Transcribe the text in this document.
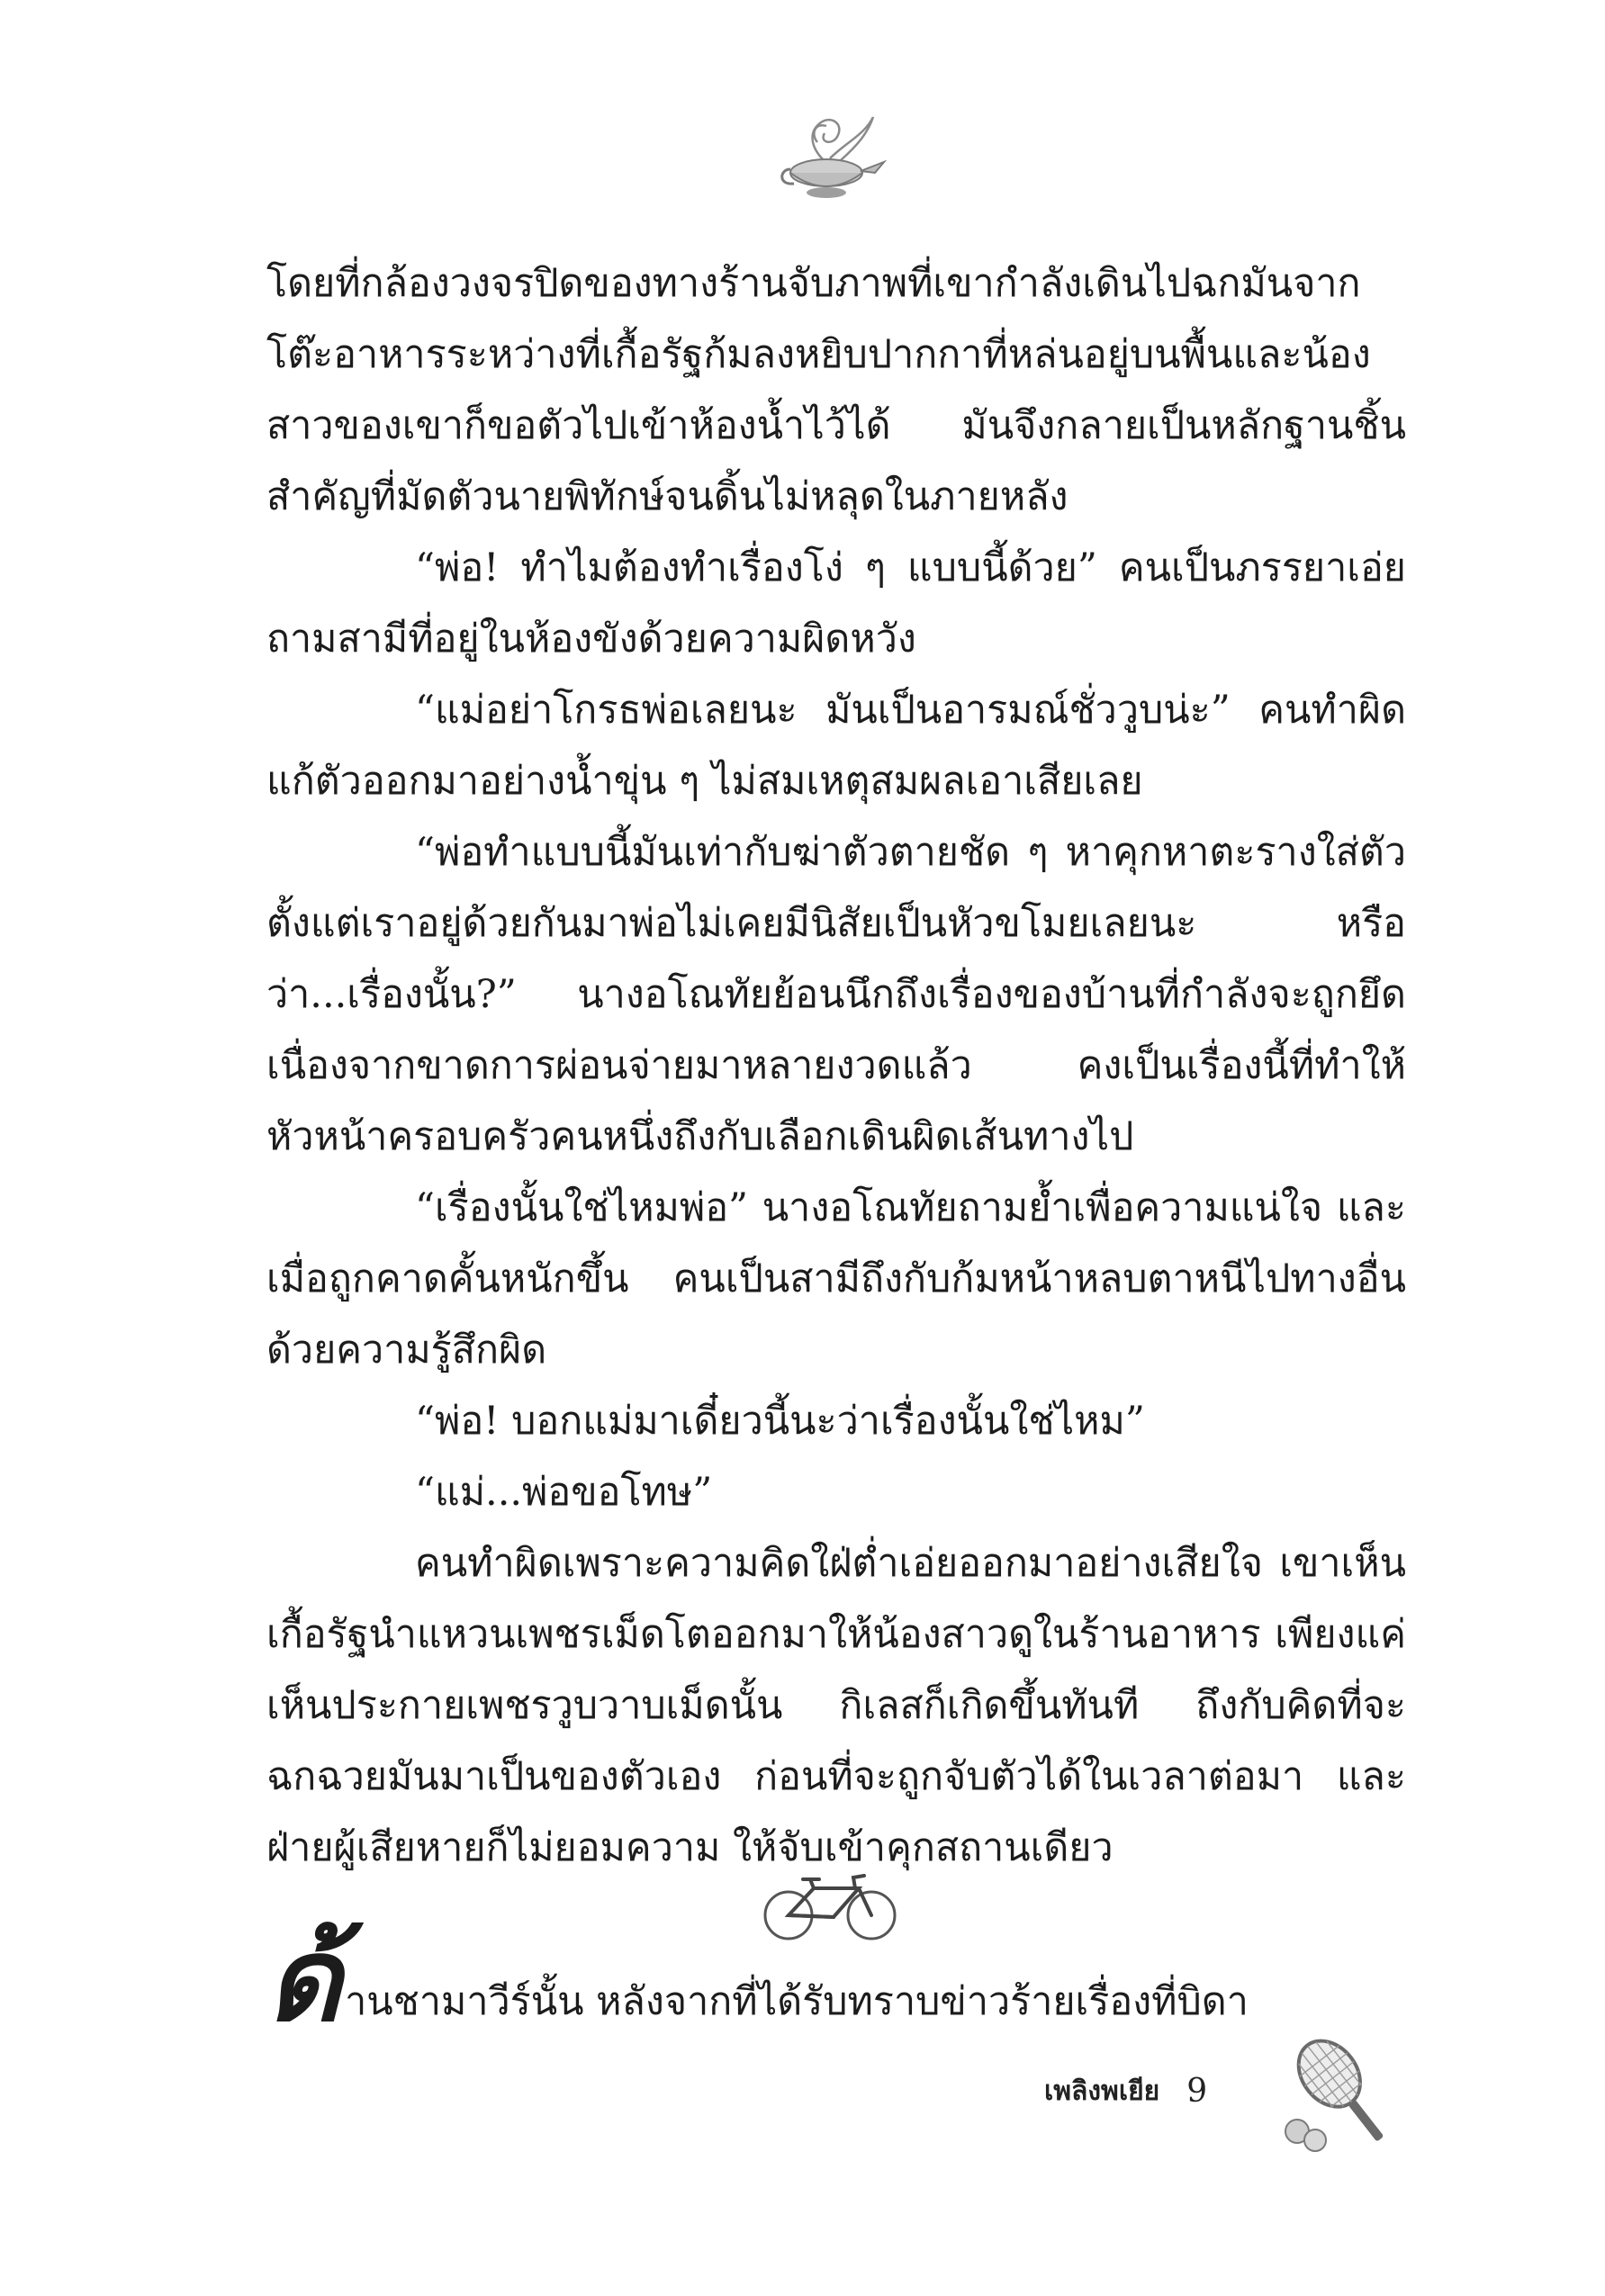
โดยที่กล้องวงจรปิดของทางร้านจับภาพที่เขากำลังเดินไปฉกมันจากโต๊ะอาหารระหว่างที่เกื้อรัฐก้มลงหยิบปากกาที่หล่นอยู่บนพื้นและน้องสาวของเขาก็ขอตัวไปเข้าห้องน้ำไว้ได้ มันจึงกลายเป็นหลักฐานชิ้นสำคัญที่มัดตัวนายพิทักษ์จนดิ้นไม่หลุดในภายหลัง

“พ่อ! ทำไมต้องทำเรื่องโง่ ๆ แบบนี้ด้วย” คนเป็นภรรยาเอ่ยถามสามีที่อยู่ในห้องขังด้วยความผิดหวัง

“แม่อย่าโกรธพ่อเลยนะ มันเป็นอารมณ์ชั่ววูบน่ะ” คนทำผิดแก้ตัวออกมาอย่างน้ำขุ่น ๆ ไม่สมเหตุสมผลเอาเสียเลย

“พ่อทำแบบนี้มันเท่ากับฆ่าตัวตายชัด ๆ หาคุกหาตะรางใส่ตัว ตั้งแต่เราอยู่ด้วยกันมาพ่อไม่เคยมีนิสัยเป็นหัวขโมยเลยนะ หรือว่า...เรื่องนั้น?” นางอโณทัยย้อนนึกถึงเรื่องของบ้านที่กำลังจะถูกยึดเนื่องจากขาดการผ่อนจ่ายมาหลายงวดแล้ว คงเป็นเรื่องนี้ที่ทำให้หัวหน้าครอบครัวคนหนึ่งถึงกับเลือกเดินผิดเส้นทางไป

“เรื่องนั้นใช่ไหมพ่อ” นางอโณทัยถามย้ำเพื่อความแน่ใจ และเมื่อถูกคาดคั้นหนักขึ้น คนเป็นสามีถึงกับก้มหน้าหลบตาหนีไปทางอื่นด้วยความรู้สึกผิด

“พ่อ! บอกแม่มาเดี๋ยวนี้นะว่าเรื่องนั้นใช่ไหม”

“แม่...พ่อขอโทษ”

คนทำผิดเพราะความคิดใฝ่ต่ำเอ่ยออกมาอย่างเสียใจ เขาเห็นเกื้อรัฐนำแหวนเพชรเม็ดโตออกมาให้น้องสาวดูในร้านอาหาร เพียงแค่เห็นประกายเพชรวูบวาบเม็ดนั้น กิเลสก็เกิดขึ้นทันที ถึงกับคิดที่จะฉกฉวยมันมาเป็นของตัวเอง ก่อนที่จะถูกจับตัวได้ในเวลาต่อมา และฝ่ายผู้เสียหายก็ไม่ยอมความ ให้จับเข้าคุกสถานเดียว

ด้านชามาวีร์นั้น หลังจากที่ได้รับทราบข่าวร้ายเรื่องที่บิดา
เพลิงพเยีย 9
